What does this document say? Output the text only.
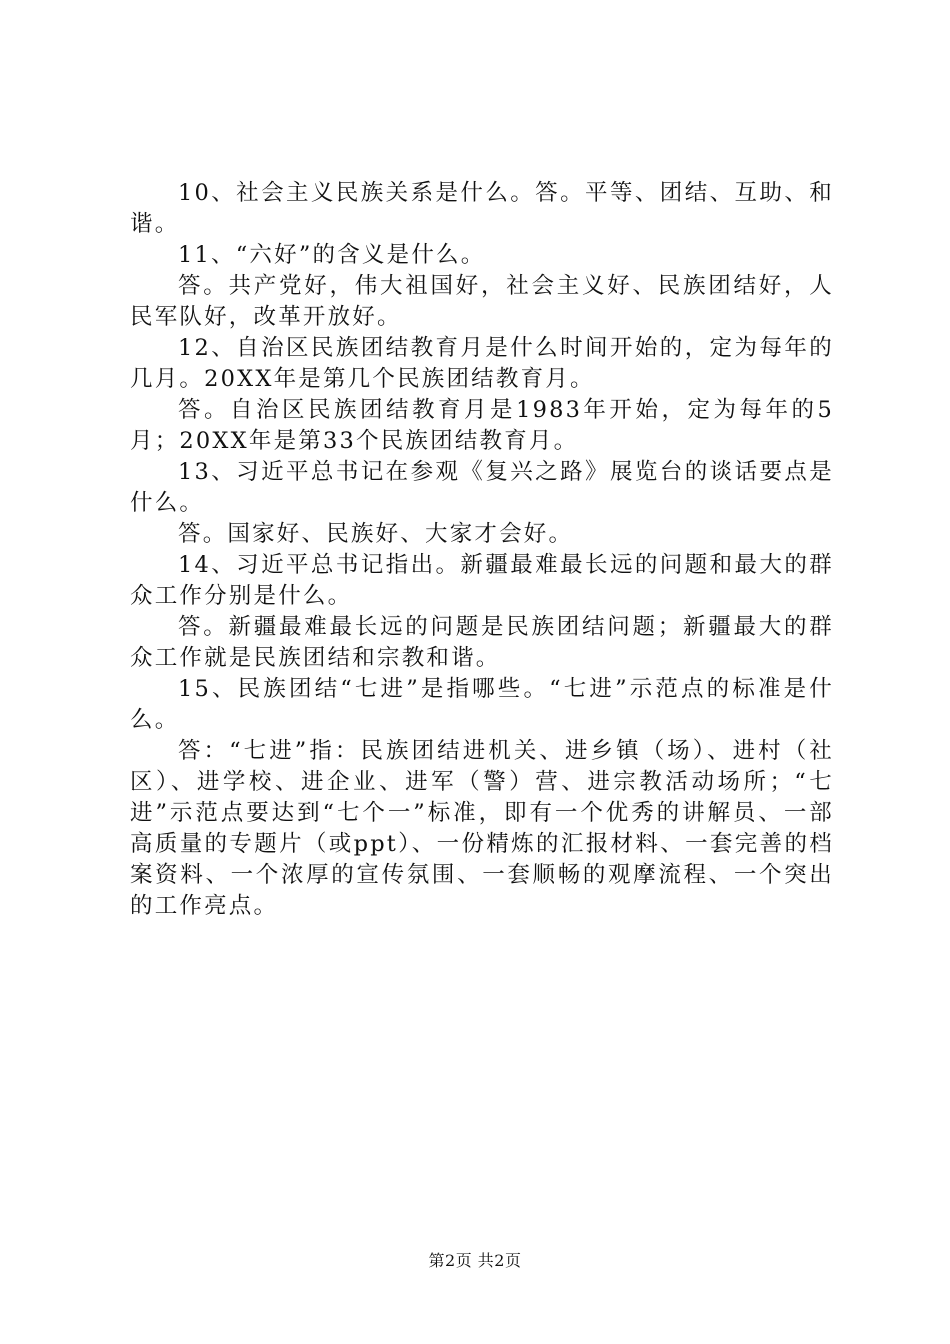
10、社会主义民族关系是什么。答。平等、团结、互助、和谐。

11、“六好”的含义是什么。

答。共产党好，伟大祖国好，社会主义好、民族团结好，人民军队好，改革开放好。

12、自治区民族团结教育月是什么时间开始的，定为每年的几月。20XX年是第几个民族团结教育月。

答。自治区民族团结教育月是1983年开始，定为每年的5月；20XX年是第33个民族团结教育月。

13、习近平总书记在参观《复兴之路》展览台的谈话要点是什么。

答。国家好、民族好、大家才会好。

14、习近平总书记指出。新疆最难最长远的问题和最大的群众工作分别是什么。

答。新疆最难最长远的问题是民族团结问题；新疆最大的群众工作就是民族团结和宗教和谐。

15、民族团结“七进”是指哪些。“七进”示范点的标准是什么。

答：“七进”指：民族团结进机关、进乡镇（场）、进村（社区）、进学校、进企业、进军（警）营、进宗教活动场所；“七进”示范点要达到“七个一”标准，即有一个优秀的讲解员、一部高质量的专题片（或ppt）、一份精炼的汇报材料、一套完善的档案资料、一个浓厚的宣传氛围、一套顺畅的观摩流程、一个突出的工作亮点。

第2页 共2页
